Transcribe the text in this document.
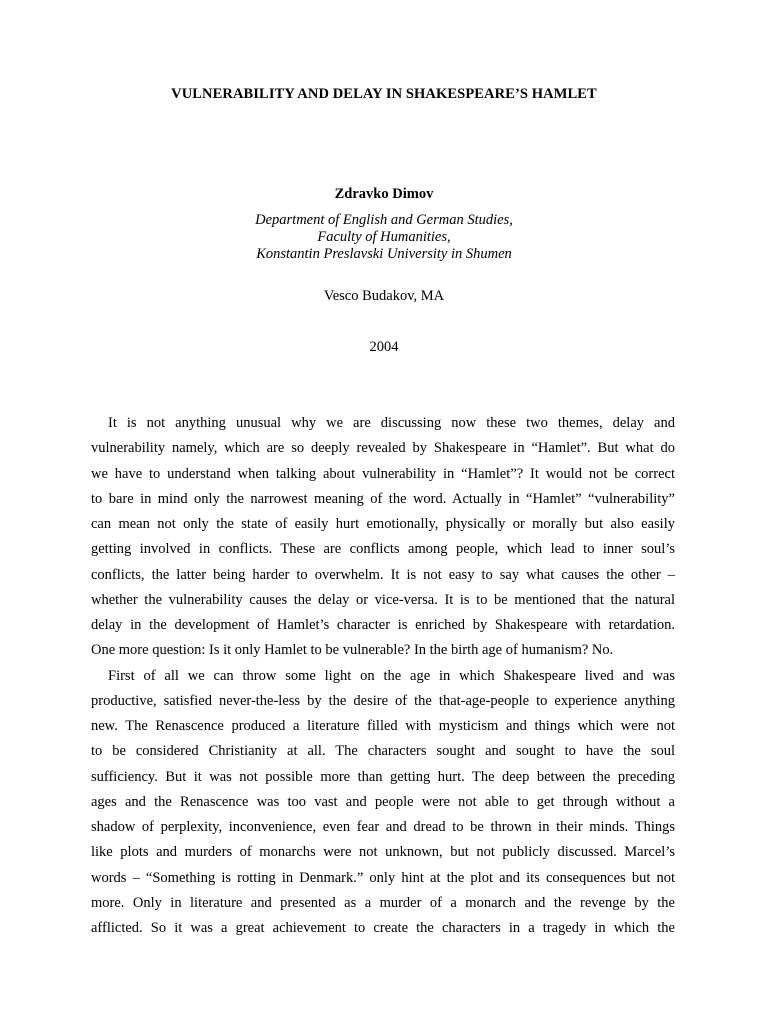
VULNERABILITY AND DELAY IN SHAKESPEARE’S HAMLET

Zdravko Dimov

Department of English and German Studies,
Faculty of Humanities,
Konstantin Preslavski University in Shumen

Vesco Budakov, MA

2004

It is not anything unusual why we are discussing now these two themes, delay and
vulnerability namely, which are so deeply revealed by Shakespeare in “Hamlet”. But what do
we have to understand when talking about vulnerability in “Hamlet”? It would not be correct
to bare in mind only the narrowest meaning of the word. Actually in “Hamlet” “vulnerability”
can mean not only the state of easily hurt emotionally, physically or morally but also easily
getting involved in conflicts. These are conflicts among people, which lead to inner soul’s
conflicts, the latter being harder to overwhelm. It is not easy to say what causes the other –
whether the vulnerability causes the delay or vice-versa. It is to be mentioned that the natural
delay in the development of Hamlet’s character is enriched by Shakespeare with retardation.
One more question: Is it only Hamlet to be vulnerable? In the birth age of humanism? No.
First of all we can throw some light on the age in which Shakespeare lived and was
productive, satisfied never-the-less by the desire of the that-age-people to experience anything
new. The Renascence produced a literature filled with mysticism and things which were not
to be considered Christianity at all. The characters sought and sought to have the soul
sufficiency. But it was not possible more than getting hurt. The deep between the preceding
ages and the Renascence was too vast and people were not able to get through without a
shadow of perplexity, inconvenience, even fear and dread to be thrown in their minds. Things
like plots and murders of monarchs were not unknown, but not publicly discussed. Marcel’s
words – “Something is rotting in Denmark.” only hint at the plot and its consequences but not
more. Only in literature and presented as a murder of a monarch and the revenge by the
afflicted. So it was a great achievement to create the characters in a tragedy in which the
